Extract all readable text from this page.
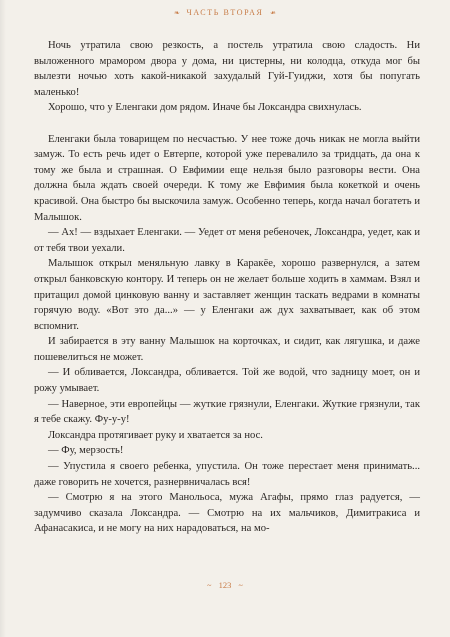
❧ ЧАСТЬ ВТОРАЯ ❧

Ночь утратила свою резкость, а постель утратила свою сладость. Ни выложенного мрамором двора у дома, ни цистерны, ни колодца, откуда мог бы вылезти ночью хоть какой-никакой захудалый Гуй-Гуиджи, хотя бы попугать маленько!

Хорошо, что у Еленгаки дом рядом. Иначе бы Локсандра свихнулась.

Еленгаки была товарищем по несчастью. У нее тоже дочь никак не могла выйти замуж. То есть речь идет о Евтерпе, которой уже перевалило за тридцать, да она к тому же была и страшная. О Евфимии еще нельзя было разговоры вести. Она должна была ждать своей очереди. К тому же Евфимия была кокеткой и очень красивой. Она быстро бы выскочила замуж. Особенно теперь, когда начал богатеть и Малышок.

— Ах! — вздыхает Еленгаки. — Уедет от меня ребеночек, Локсандра, уедет, как и от тебя твои уехали.

Малышок открыл меняльную лавку в Каракёе, хорошо развернулся, а затем открыл банковскую контору. И теперь он не желает больше ходить в хаммам. Взял и притащил домой цинковую ванну и заставляет женщин таскать ведрами в комнаты горячую воду. «Вот это да...» — у Еленгаки аж дух захватывает, как об этом вспомнит.

И забирается в эту ванну Малышок на корточках, и сидит, как лягушка, и даже пошевелиться не может.

— И обливается, Локсандра, обливается. Той же водой, что задницу моет, он и рожу умывает.

— Наверное, эти европейцы — жуткие грязнули, Еленгаки. Жуткие грязнули, так я тебе скажу. Фу-у-у!

Локсандра протягивает руку и хватается за нос.

— Фу, мерзость!

— Упустила я своего ребенка, упустила. Он тоже перестает меня принимать... даже говорить не хочется, разнервничалась вся!

— Смотрю я на этого Манольоса, мужа Агафы, прямо глаз радуется, — задумчиво сказала Локсандра. — Смотрю на их мальчиков, Димитракиса и Афанасакиса, и не могу на них нарадоваться, на мо-

~ 123 ~
